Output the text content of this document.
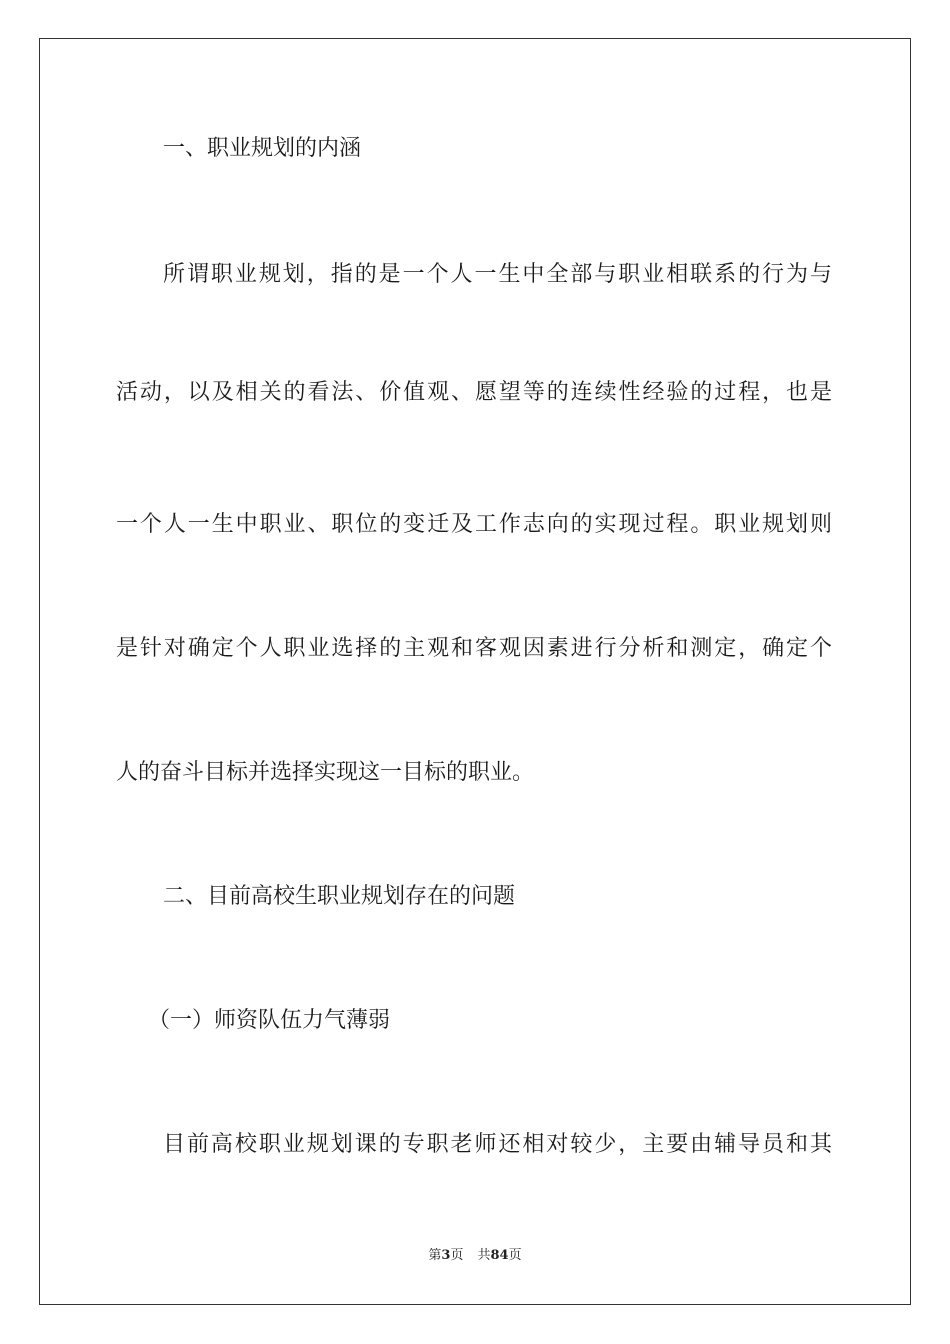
一、职业规划的内涵
所谓职业规划，指的是一个人一生中全部与职业相联系的行为与
活动，以及相关的看法、价值观、愿望等的连续性经验的过程，也是
一个人一生中职业、职位的变迁及工作志向的实现过程。职业规划则
是针对确定个人职业选择的主观和客观因素进行分析和测定，确定个
人的奋斗目标并选择实现这一目标的职业。
二、目前高校生职业规划存在的问题
（一）师资队伍力气薄弱
目前高校职业规划课的专职老师还相对较少，主要由辅导员和其
第3页 共84页
